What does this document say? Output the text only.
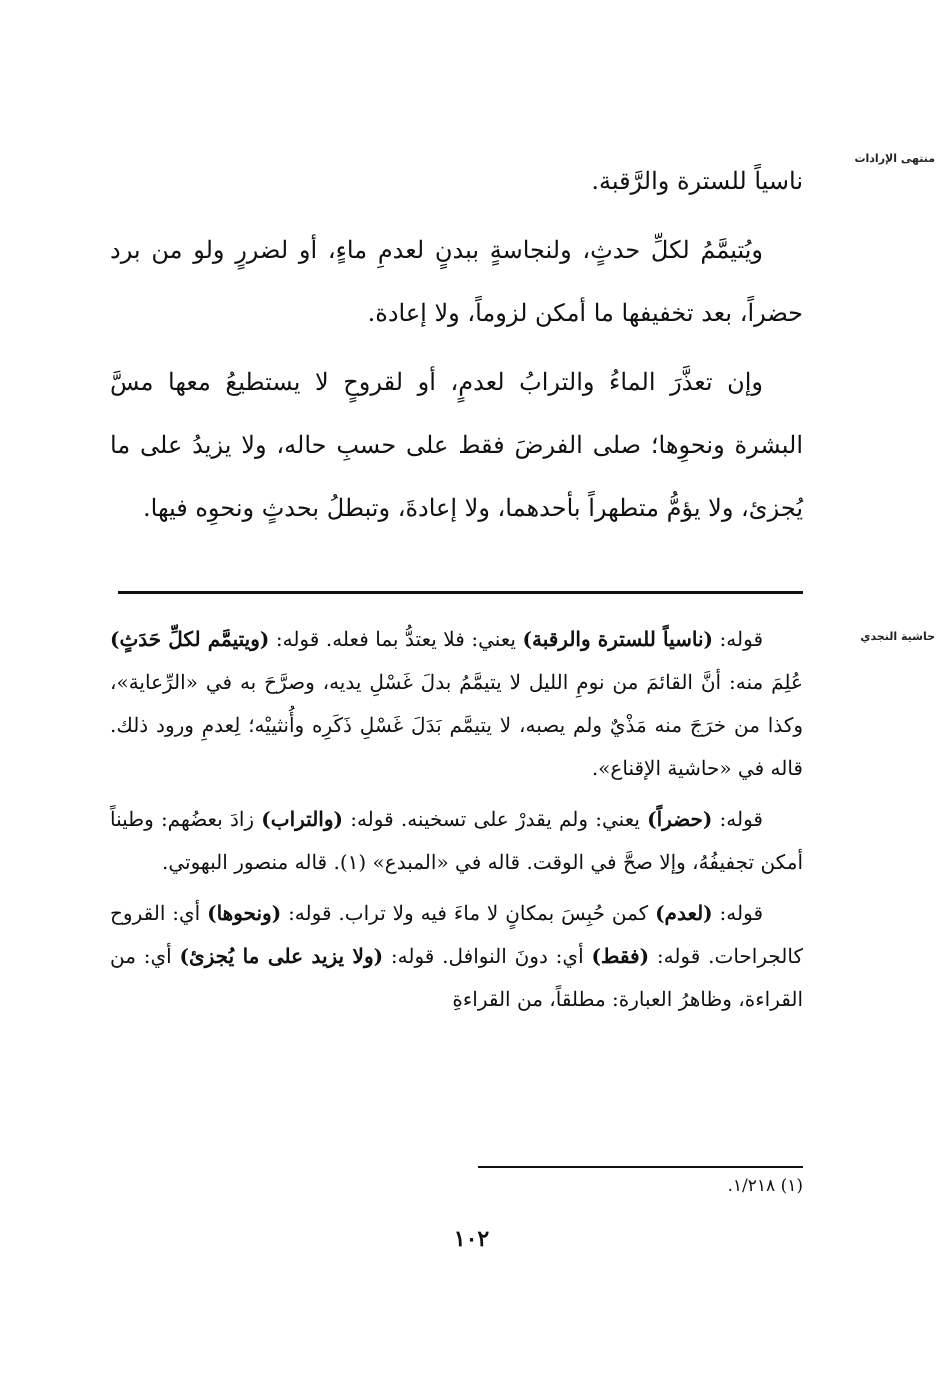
منتهى الإرادات
حاشية النجدي

ناسياً للسترة والرَّقبة.

ويُتيمَّمُ لكلِّ حدثٍ، ولنجاسةٍ ببدنٍ لعدمِ ماءٍ، أو لضررٍ ولو من برد حضراً، بعد تخفيفها ما أمكن لزوماً، ولا إعادة.

وإن تعذَّرَ الماءُ والترابُ لعدمٍ، أو لقروحٍ لا يستطيعُ معها مسَّ البشرة ونحوِها؛ صلى الفرضَ فقط على حسبِ حاله، ولا يزيدُ على ما يُجزئ، ولا يؤمُّ متطهراً بأحدهما، ولا إعادةَ، وتبطلُ بحدثٍ ونحوِه فيها.

قوله: (ناسياً للسترة والرقبة) يعني: فلا يعتدُّ بما فعله. قوله: (ويتيمَّم لكلِّ حَدَثٍ) عُلِمَ منه: أنَّ القائمَ من نومِ الليل لا يتيمَّمُ بدلَ غَسْلِ يديه، وصرَّحَ به في «الرِّعاية»، وكذا من خرَجَ منه مَذْيٌ ولم يصبه، لا يتيمَّم بَدَلَ غَسْلِ ذَكَرِه وأُنثييْه؛ لِعدمِ ورود ذلك. قاله في «حاشية الإقناع».

قوله: (حضراً) يعني: ولم يقدرْ على تسخينه. قوله: (والتراب) زادَ بعضُهم: وطيناً أمكن تجفيفُهُ، وإلا صحَّ في الوقت. قاله في «المبدع» (١). قاله منصور البهوتي.

قوله: (لعدم) كمن حُبِسَ بمكانٍ لا ماءَ فيه ولا تراب. قوله: (ونحوها) أي: القروح كالجراحات. قوله: (فقط) أي: دونَ النوافل. قوله: (ولا يزيد على ما يُجزئ) أي: من القراءة، وظاهرُ العبارة: مطلقاً، من القراءةِ

(١) ١/٢١٨.
١٠٢
